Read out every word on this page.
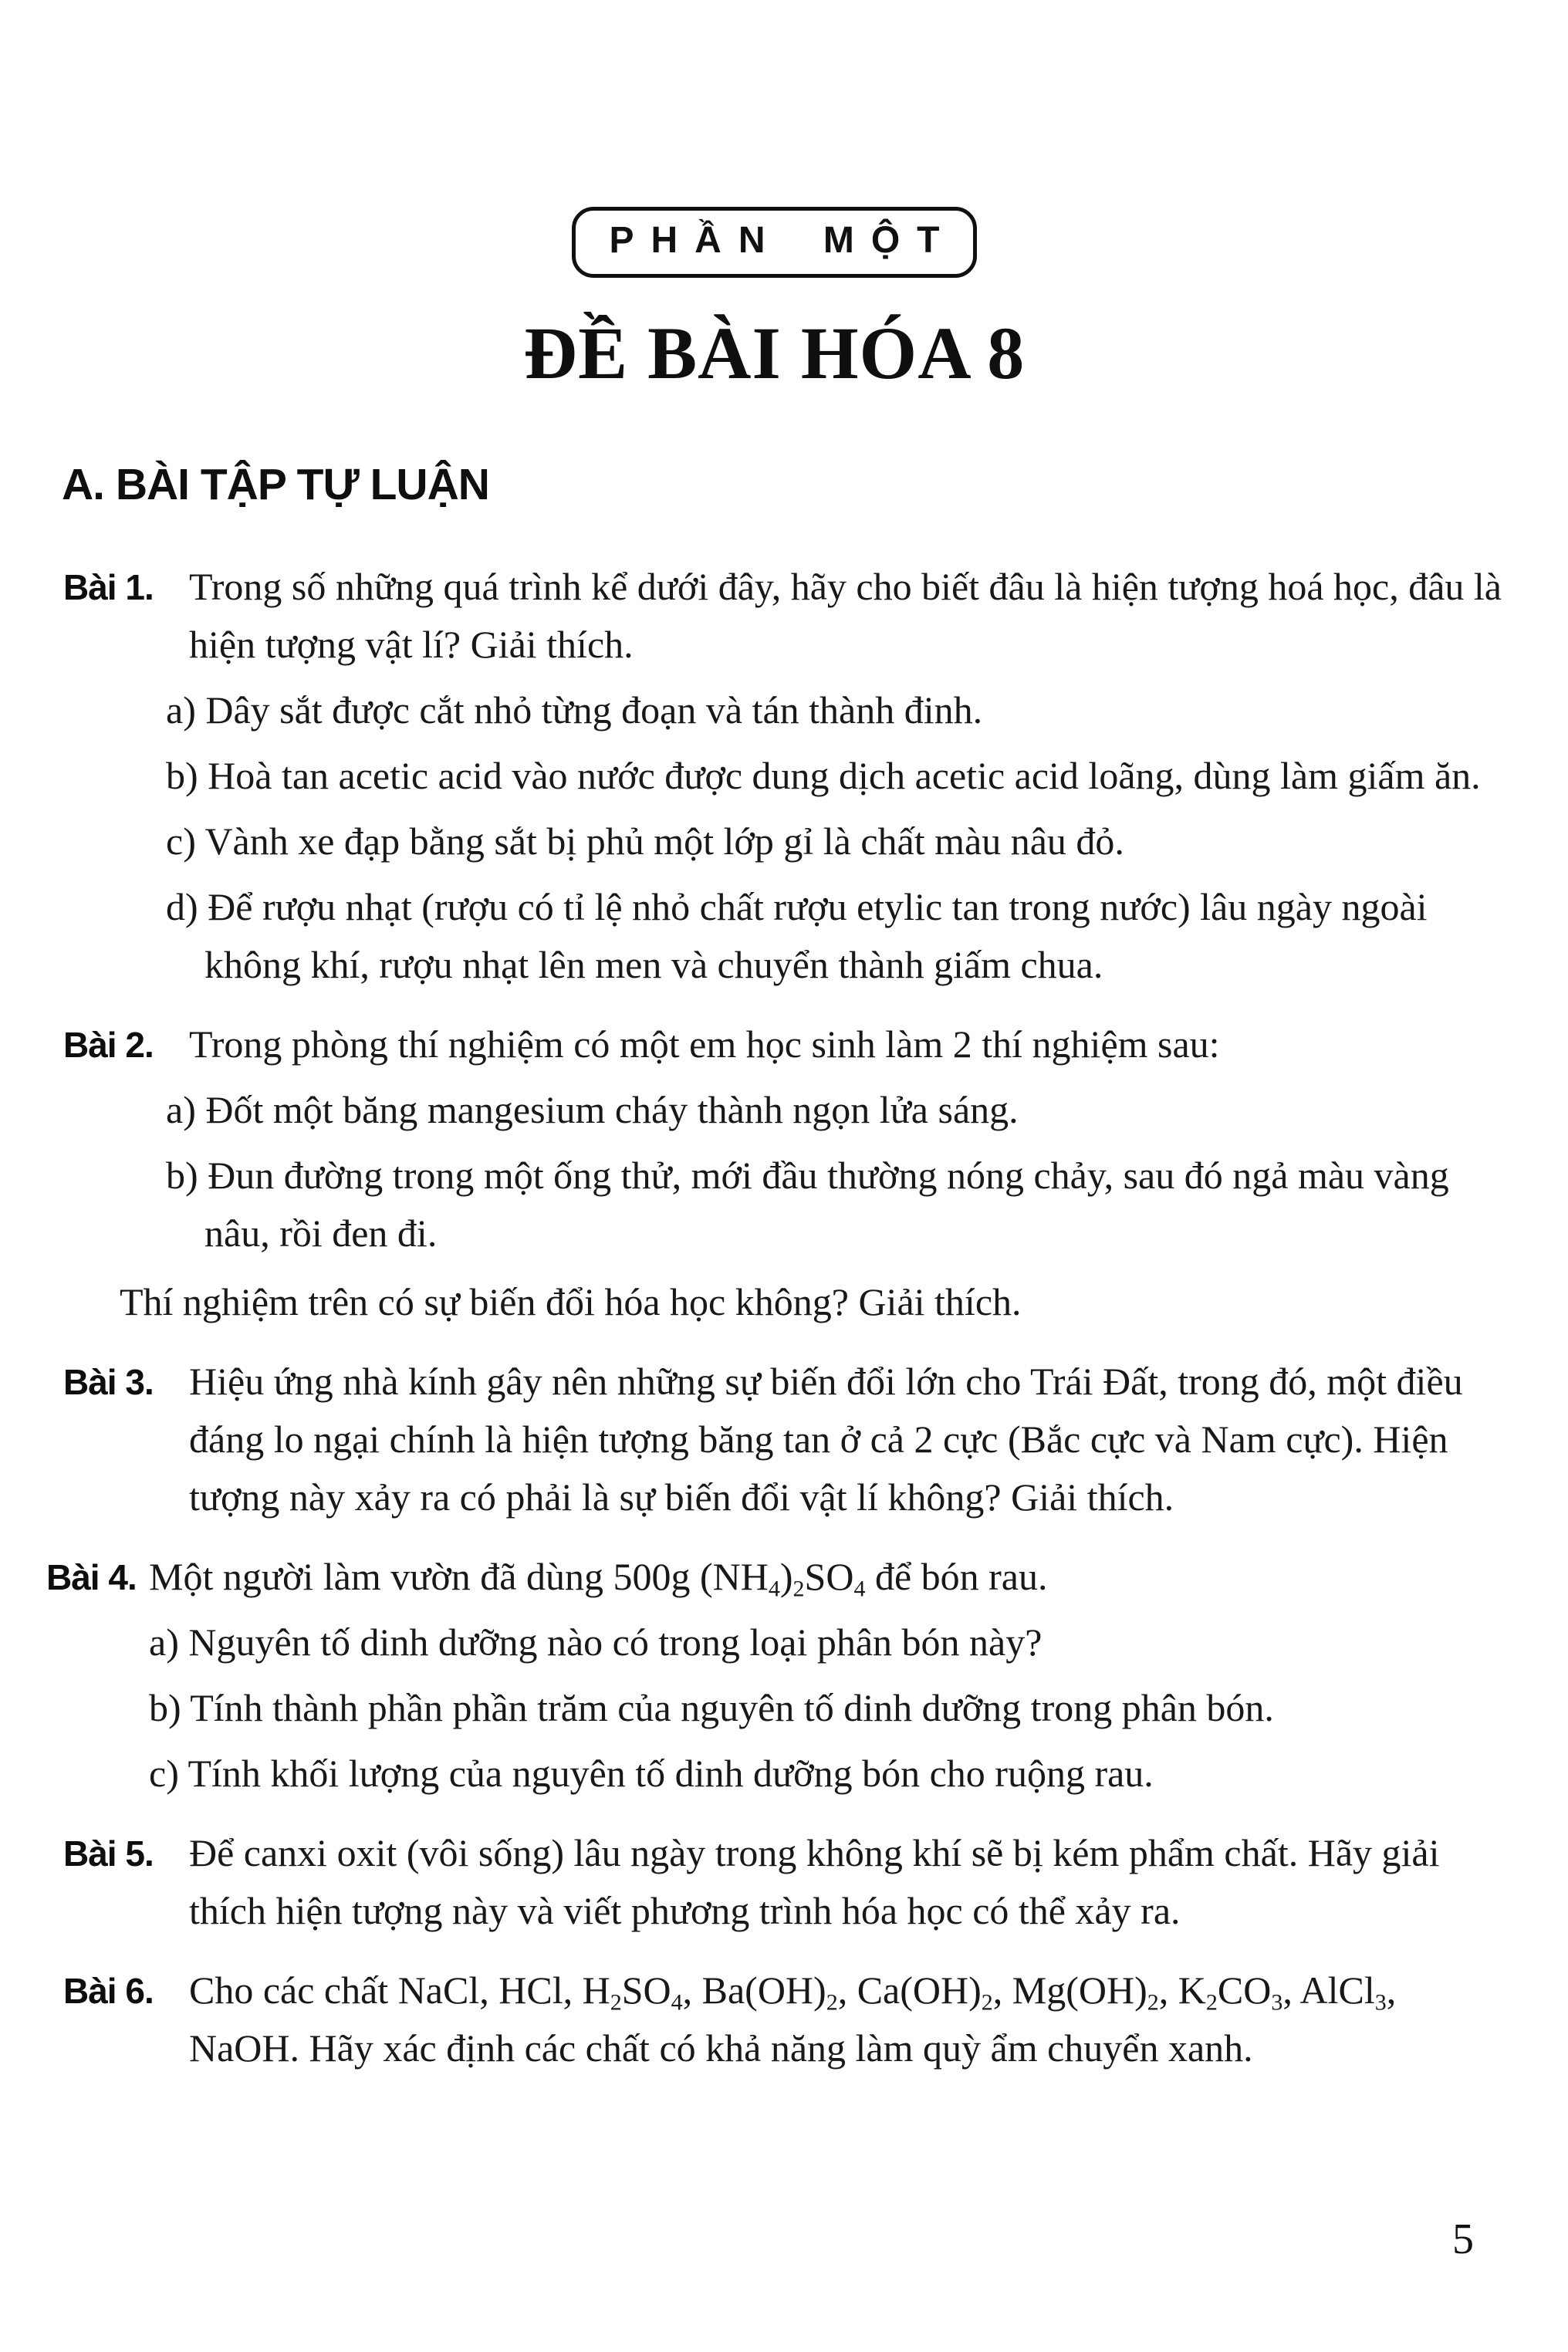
PHẦN MỘT
ĐỀ BÀI HÓA 8
A. BÀI TẬP TỰ LUẬN
Bài 1. Trong số những quá trình kể dưới đây, hãy cho biết đâu là hiện tượng hoá học, đâu là hiện tượng vật lí? Giải thích.

a) Dây sắt được cắt nhỏ từng đoạn và tán thành đinh.

b) Hoà tan acetic acid vào nước được dung dịch acetic acid loãng, dùng làm giấm ăn.

c) Vành xe đạp bằng sắt bị phủ một lớp gỉ là chất màu nâu đỏ.

d) Để rượu nhạt (rượu có tỉ lệ nhỏ chất rượu etylic tan trong nước) lâu ngày ngoài không khí, rượu nhạt lên men và chuyển thành giấm chua.

Bài 2. Trong phòng thí nghiệm có một em học sinh làm 2 thí nghiệm sau:

a) Đốt một băng mangesium cháy thành ngọn lửa sáng.

b) Đun đường trong một ống thử, mới đầu thường nóng chảy, sau đó ngả màu vàng nâu, rồi đen đi.

Thí nghiệm trên có sự biến đổi hóa học không? Giải thích.

Bài 3. Hiệu ứng nhà kính gây nên những sự biến đổi lớn cho Trái Đất, trong đó, một điều đáng lo ngại chính là hiện tượng băng tan ở cả 2 cực (Bắc cực và Nam cực). Hiện tượng này xảy ra có phải là sự biến đổi vật lí không? Giải thích.

Bài 4. Một người làm vườn đã dùng 500g $(NH_4)_2SO_4$ để bón rau.

a) Nguyên tố dinh dưỡng nào có trong loại phân bón này?

b) Tính thành phần phần trăm của nguyên tố dinh dưỡng trong phân bón.

c) Tính khối lượng của nguyên tố dinh dưỡng bón cho ruộng rau.

Bài 5. Để canxi oxit (vôi sống) lâu ngày trong không khí sẽ bị kém phẩm chất. Hãy giải thích hiện tượng này và viết phương trình hóa học có thể xảy ra.

Bài 6. Cho các chất NaCl, HCl, $H_2SO_4$, $Ba(OH)_2$, $Ca(OH)_2$, $Mg(OH)_2$, $K_2CO_3$, AlCl$_3$, NaOH. Hãy xác định các chất có khả năng làm quỳ ẩm chuyển xanh.

5
